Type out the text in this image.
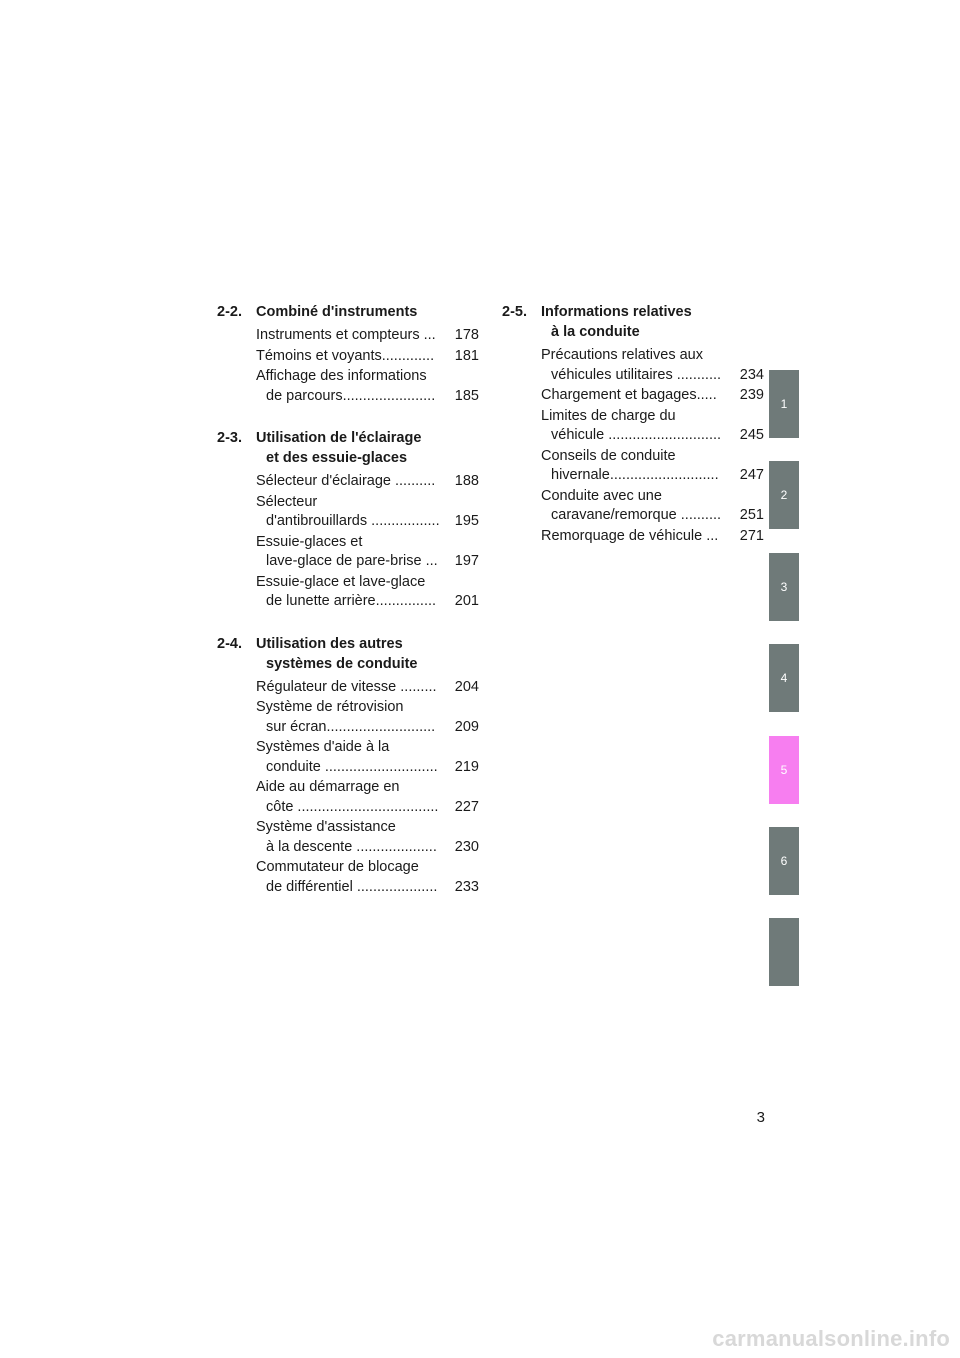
2-2. Combiné d'instruments
Instruments et compteurs ... 178
Témoins et voyants............. 181
Affichage des informations
de parcours....................... 185
2-3. Utilisation de l'éclairage
et des essuie-glaces
Sélecteur d'éclairage .......... 188
Sélecteur
d'antibrouillards ................. 195
Essuie-glaces et
lave-glace de pare-brise ... 197
Essuie-glace et lave-glace
de lunette arrière............... 201
2-4. Utilisation des autres
systèmes de conduite
Régulateur de vitesse ......... 204
Système de rétrovision
sur écran........................... 209
Systèmes d'aide à la
conduite ............................ 219
Aide au démarrage en
côte ................................... 227
Système d'assistance
à la descente .................... 230
Commutateur de blocage
de différentiel .................... 233
2-5. Informations relatives
à la conduite
Précautions relatives aux
véhicules utilitaires ........... 234
Chargement et bagages..... 239
Limites de charge du
véhicule ............................ 245
Conseils de conduite
hivernale........................... 247
Conduite avec une
caravane/remorque .......... 251
Remorquage de véhicule ... 271
1
2
3
4
5
6
3
carmanualsonline.info
